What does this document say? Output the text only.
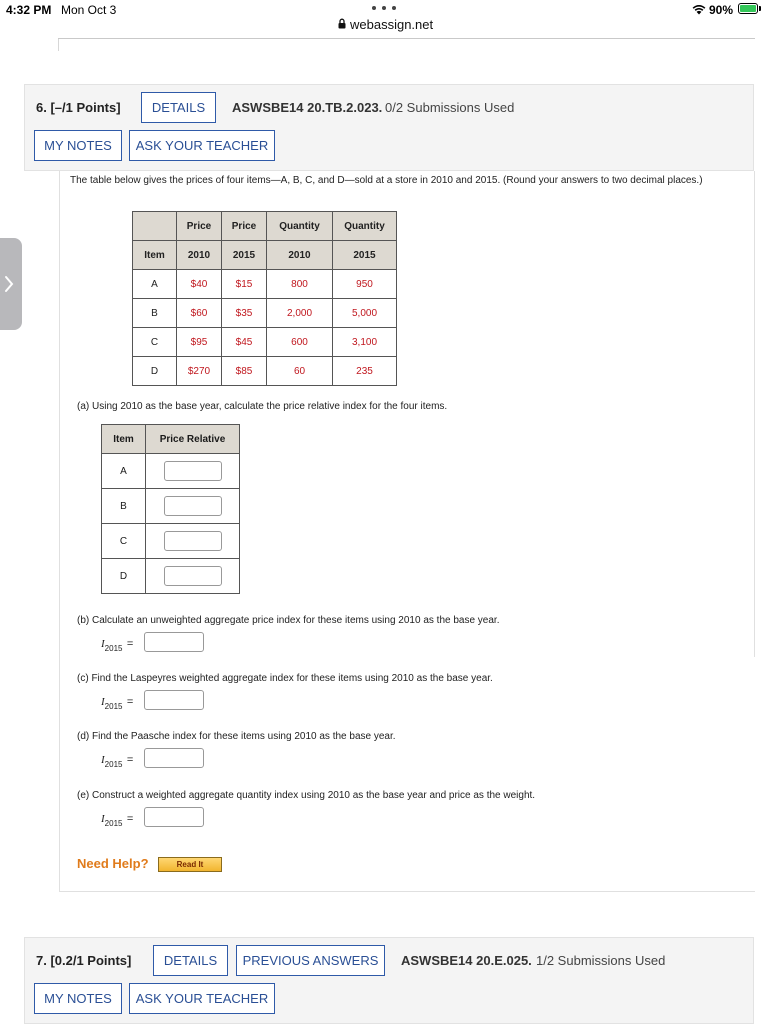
4:32 PM Mon Oct 3	90%
webassign.net
6. [–/1 Points]	DETAILS	ASWSBE14 20.TB.2.023. 0/2 Submissions Used
MY NOTES	ASK YOUR TEACHER
The table below gives the prices of four items—A, B, C, and D—sold at a store in 2010 and 2015. (Round your answers to two decimal places.)
	Price	Price	Quantity	Quantity
Item	2010	2015	2010	2015
A	$40	$15	800	950
B	$60	$35	2,000	5,000
C	$95	$45	600	3,100
D	$270	$85	60	235
(a) Using 2010 as the base year, calculate the price relative index for the four items.
Item	Price Relative
A	
B	
C	
D	
(b) Calculate an unweighted aggregate price index for these items using 2010 as the base year.
$I_{2015}$ =
(c) Find the Laspeyres weighted aggregate index for these items using 2010 as the base year.
$I_{2015}$ =
(d) Find the Paasche index for these items using 2010 as the base year.
$I_{2015}$ =
(e) Construct a weighted aggregate quantity index using 2010 as the base year and price as the weight.
$I_{2015}$ =
Need Help?	Read It
7. [0.2/1 Points]	DETAILS	PREVIOUS ANSWERS	ASWSBE14 20.E.025. 1/2 Submissions Used
MY NOTES	ASK YOUR TEACHER
